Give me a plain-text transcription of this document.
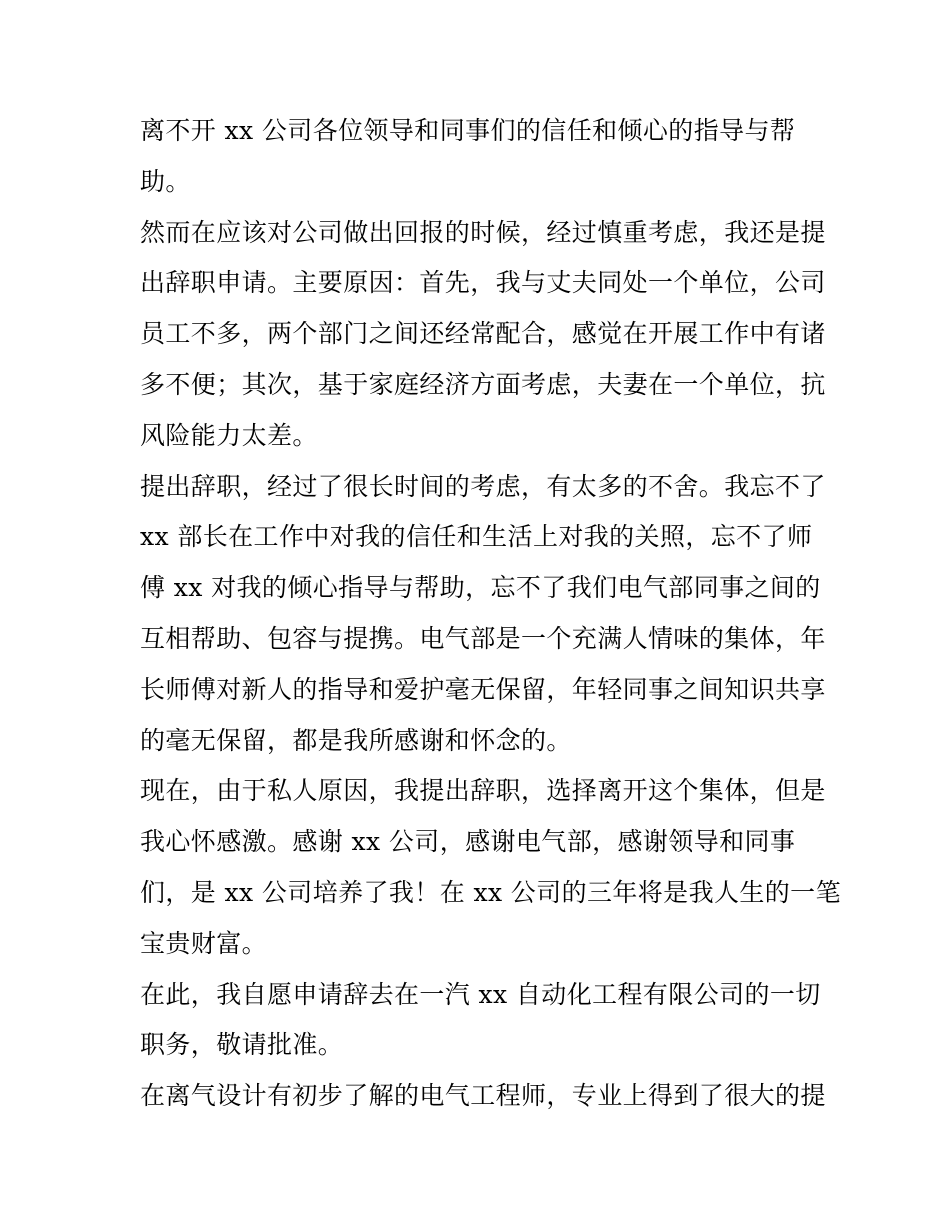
离不开 xx 公司各位领导和同事们的信任和倾心的指导与帮
助。
然而在应该对公司做出回报的时候，经过慎重考虑，我还是提
出辞职申请。主要原因：首先，我与丈夫同处一个单位，公司
员工不多，两个部门之间还经常配合，感觉在开展工作中有诸
多不便；其次，基于家庭经济方面考虑，夫妻在一个单位，抗
风险能力太差。
提出辞职，经过了很长时间的考虑，有太多的不舍。我忘不了
xx 部长在工作中对我的信任和生活上对我的关照，忘不了师
傅 xx 对我的倾心指导与帮助，忘不了我们电气部同事之间的
互相帮助、包容与提携。电气部是一个充满人情味的集体，年
长师傅对新人的指导和爱护毫无保留，年轻同事之间知识共享
的毫无保留，都是我所感谢和怀念的。
现在，由于私人原因，我提出辞职，选择离开这个集体，但是
我心怀感激。感谢 xx 公司，感谢电气部，感谢领导和同事
们，是 xx 公司培养了我！在 xx 公司的三年将是我人生的一笔
宝贵财富。
在此，我自愿申请辞去在一汽 xx 自动化工程有限公司的一切
职务，敬请批准。
在离气设计有初步了解的电气工程师，专业上得到了很大的提
